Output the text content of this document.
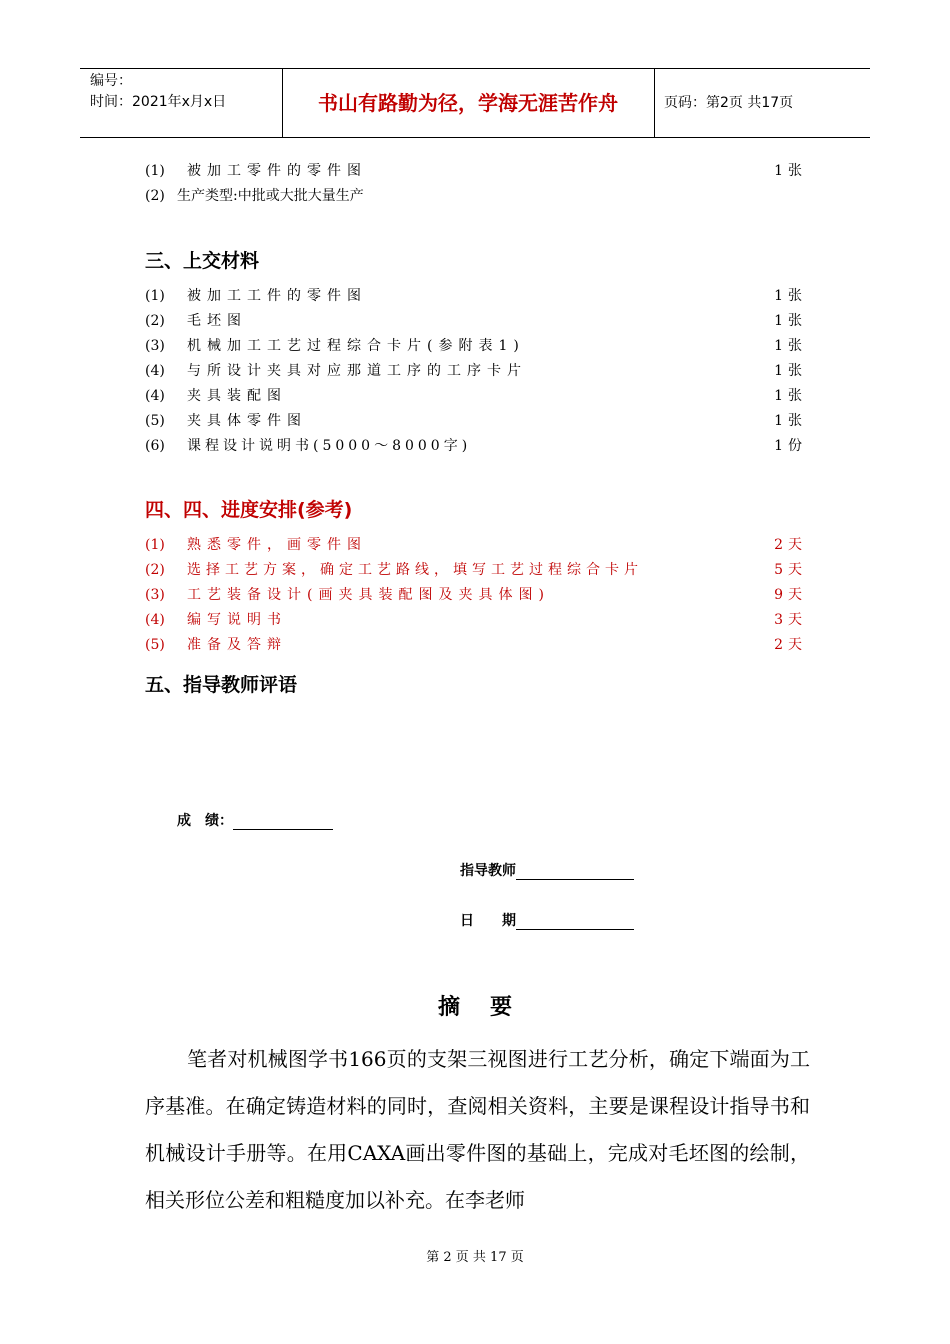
编号：
时间：2021年x月x日	书山有路勤为径，学海无涯苦作舟	页码：第2页 共17页
(1) 被加工零件的零件图	1张
(2) 生产类型:中批或大批大量生产
三、上交材料
(1) 被加工工件的零件图	1张
(2) 毛坯图	1张
(3) 机械加工工艺过程综合卡片(参附表1)	1张
(4) 与所设计夹具对应那道工序的工序卡片	1张
(4) 夹具装配图	1张
(5) 夹具体零件图	1张
(6) 课程设计说明书(5000～8000字)	1份
四、四、进度安排(参考)
(1) 熟悉零件，画零件图	2天
(2) 选择工艺方案，确定工艺路线，填写工艺过程综合卡片	5天
(3) 工艺装备设计(画夹具装配图及夹具体图)	9天
(4) 编写说明书	3天
(5) 准备及答辩	2天
五、指导教师评语
成　绩：
指导教师
日　　期
摘要
笔者对机械图学书166页的支架三视图进行工艺分析，确定下端面为工序基准。在确定铸造材料的同时，查阅相关资料，主要是课程设计指导书和机械设计手册等。在用CAXA画出零件图的基础上，完成对毛坯图的绘制，相关形位公差和粗糙度加以补充。在李老师
第 2 页 共 17 页
